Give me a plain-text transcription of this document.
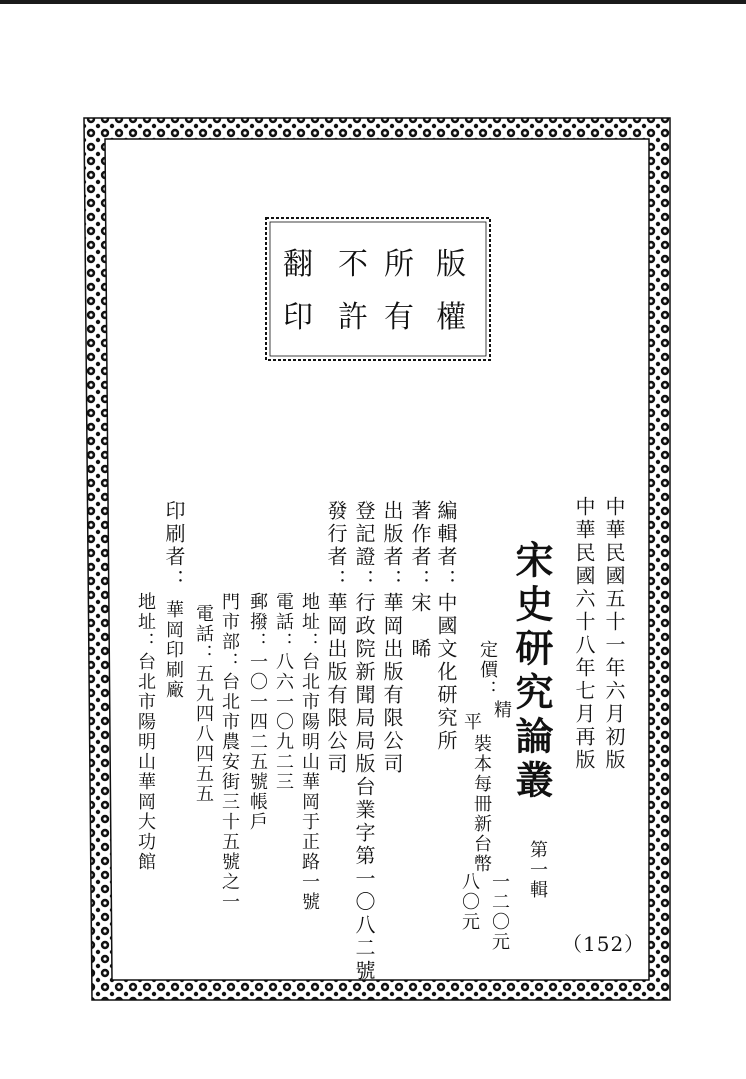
翻 不 所 版
印 許 有 權
中華民國五十一年六月初版
中華民國六十八年七月再版
宋史研究論叢
第一輯
定價：
精
平
裝本每冊新台幣
一二〇元
八〇元
編輯者：中國文化研究所
著作者：宋　晞
出版者：華岡出版有限公司
登記證：行政院新聞局局版台業字第一〇八二號
發行者：華岡出版有限公司
地址：台北市陽明山華岡于正路一號
電話：八六一〇九二三
郵撥：一〇一四二五號帳戶
門市部：台北市農安街三十五號之一
電話：五九四八四五五
印刷者：
華岡印刷廠
地址：台北市陽明山華岡大功館
（152）
